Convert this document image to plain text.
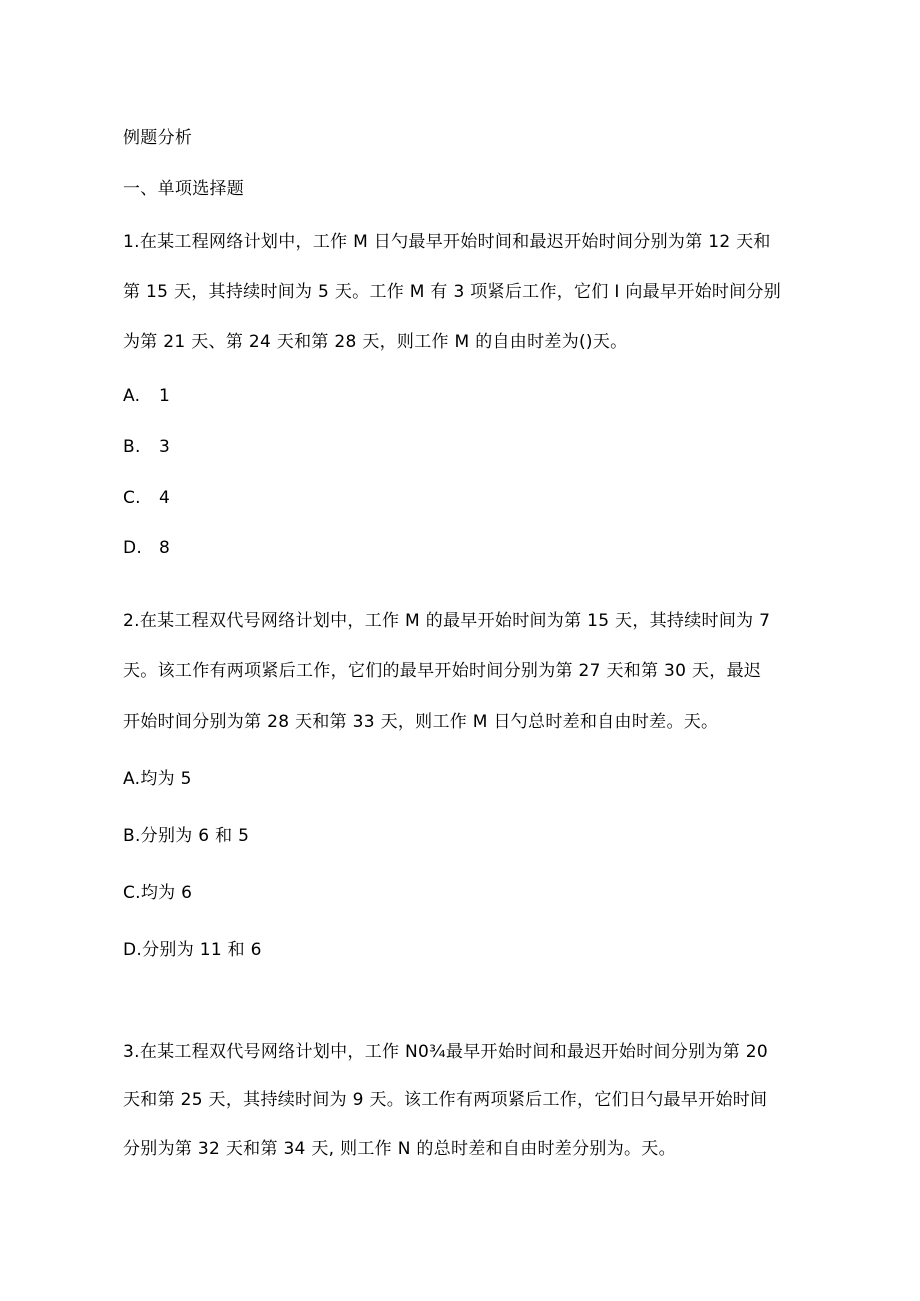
例题分析
一、单项选择题
1.在某工程网络计划中，工作 M 日勺最早开始时间和最迟开始时间分别为第 12 天和
第 15 天，其持续时间为 5 天。工作 M 有 3 项紧后工作，它们 I 向最早开始时间分别
为第 21 天、第 24 天和第 28 天，则工作 M 的自由时差为()天。
A. 1
B. 3
C. 4
D. 8
2.在某工程双代号网络计划中，工作 M 的最早开始时间为第 15 天，其持续时间为 7
天。该工作有两项紧后工作，它们的最早开始时间分别为第 27 天和第 30 天，最迟
开始时间分别为第 28 天和第 33 天，则工作 M 日勺总时差和自由时差。天。
A.均为 5
B.分别为 6 和 5
C.均为 6
D.分别为 11 和 6
3.在某工程双代号网络计划中，工作 N0¾最早开始时间和最迟开始时间分别为第 20
天和第 25 天，其持续时间为 9 天。该工作有两项紧后工作，它们日勺最早开始时间
分别为第 32 天和第 34 天, 则工作 N 的总时差和自由时差分别为。天。
